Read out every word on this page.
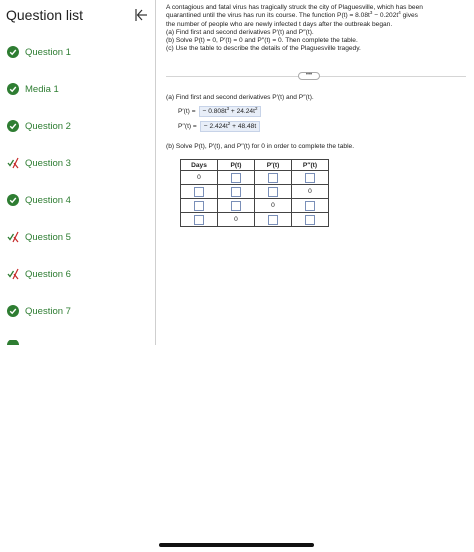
Question list
Question 1
Media 1
Question 2
Question 3
Question 4
Question 5
Question 6
Question 7
A contagious and fatal virus has tragically struck the city of Plaguesville, which has been
quarantined until the virus has run its course. The function $P(t) = 8.08t^3 - 0.202t^4$ gives
the number of people who are newly infected t days after the outbreak began.
(a) Find first and second derivatives P′(t) and P′′(t).
(b) Solve P(t) = 0, P′(t) = 0 and P′′(t) = 0. Then complete the table.
(c) Use the table to describe the details of the Plaguesville tragedy.
•••
(a) Find first and second derivatives P′(t) and P′′(t).
P′(t) =	− $0.808t^3 + 24.24t^2$
P′′(t) =	− $2.424t^2 + 48.48t$
(b) Solve P(t), P′(t), and P′′(t) for 0 in order to complete the table.
Days	P(t)	P′(t)	P′′(t)
0			
			0
		0	
	0		
